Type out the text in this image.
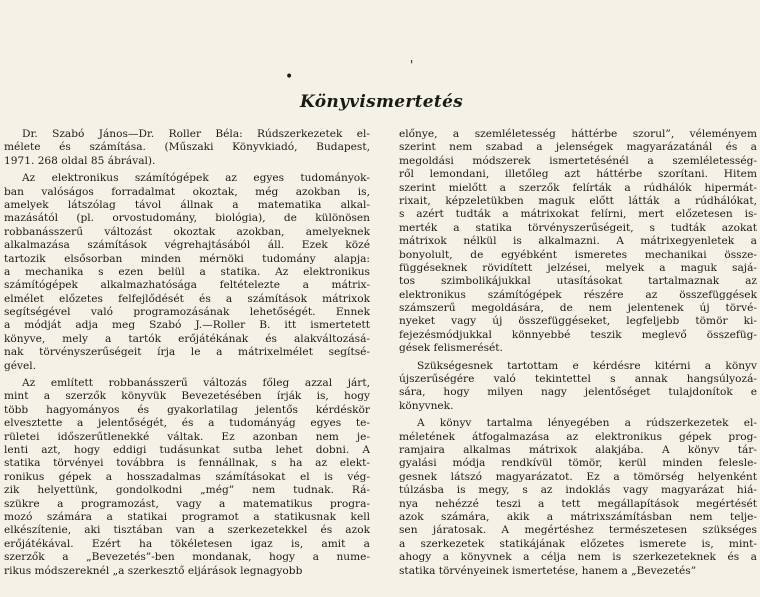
•
'
Könyvismertetés
Dr. Szabó János—Dr. Roller Béla: Rúdszerkezetek el-
mélete és számítása. (Műszaki Könyvkiadó, Budapest,
1971. 268 oldal 85 ábrával).
Az elektronikus számítógépek az egyes tudományok-
ban valóságos forradalmat okoztak, még azokban is,
amelyek látszólag távol állnak a matematika alkal-
mazásától (pl. orvostudomány, biológia), de különösen
robbanásszerű változást okoztak azokban, amelyeknek
alkalmazása számítások végrehajtásából áll. Ezek közé
tartozik elsősorban minden mérnöki tudomány alapja:
a mechanika s ezen belül a statika. Az elektronikus
számítógépek alkalmazhatósága feltételezte a mátrix-
elmélet előzetes felfejlődését és a számítások mátrixok
segítségével való programozásának lehetőségét. Ennek
a módját adja meg Szabó J.—Roller B. itt ismertetett
könyve, mely a tartók erőjátékának és alakváltozásá-
nak törvényszerűségeit írja le a mátrixelmélet segítsé-
gével.
Az említett robbanásszerű változás főleg azzal járt,
mint a szerzők könyvük Bevezetésében írják is, hogy
több hagyományos és gyakorlatilag jelentős kérdéskör
elvesztette a jelentőségét, és a tudományág egyes te-
rületei időszerűtlenekké váltak. Ez azonban nem je-
lenti azt, hogy eddigi tudásunkat sutba lehet dobni. A
statika törvényei továbbra is fennállnak, s ha az elekt-
ronikus gépek a hosszadalmas számításokat el is vég-
zik helyettünk, gondolkodni „még” nem tudnak. Rá-
szükre a programozást, vagy a matematikus progra-
mozó számára a statikai programot a statikusnak kell
elkészítenie, aki tisztában van a szerkezetekkel és azok
erőjátékával. Ezért ha tökéletesen igaz is, amit a
szerzők a „Bevezetés”-ben mondanak, hogy a nume-
rikus módszereknél „a szerkesztő eljárások legnagyobb
előnye, a szemléletesség háttérbe szorul”, véleményem
szerint nem szabad a jelenségek magyarázatánál és a
megoldási módszerek ismertetésénél a szemléletesség-
ről lemondani, illetőleg azt háttérbe szorítani. Hitem
szerint mielőtt a szerzők felírták a rúdhálók hipermát-
rixait, képzeletükben maguk előtt látták a rúdhálókat,
s azért tudták a mátrixokat felírni, mert előzetesen is-
merték a statika törvényszerűségeit, s tudták azokat
mátrixok nélkül is alkalmazni. A mátrixegyenletek a
bonyolult, de egyébként ismeretes mechanikai össze-
függéseknek rövidített jelzései, melyek a maguk sajá-
tos szimbolikájukkal utasításokat tartalmaznak az
elektronikus számítógépek részére az összefüggések
számszerű megoldására, de nem jelentenek új törvé-
nyeket vagy új összefüggéseket, legfeljebb tömör ki-
fejezésmódjukkal könnyebbé teszik meglevő összefüg-
gések felismerését.
Szükségesnek tartottam e kérdésre kitérni a könyv
újszerűségére való tekintettel s annak hangsúlyozá-
sára, hogy milyen nagy jelentőséget tulajdonítok e
könyvnek.
A könyv tartalma lényegében a rúdszerkezetek el-
méletének átfogalmazása az elektronikus gépek prog-
ramjaira alkalmas mátrixok alakjába. A könyv tár-
gyalási módja rendkívül tömör, kerül minden felesle-
gesnek látszó magyarázatot. Ez a tömörség helyenként
túlzásba is megy, s az indoklás vagy magyarázat hiá-
nya nehézzé teszi a tett megállapítások megértését
azok számára, akik a mátrixszámításban nem telje-
sen járatosak. A megértéshez természetesen szükséges
a szerkezetek statikájának előzetes ismerete is, mint-
ahogy a könyvnek a célja nem is szerkezeteknek és a
statika törvényeinek ismertetése, hanem a „Bevezetés”
